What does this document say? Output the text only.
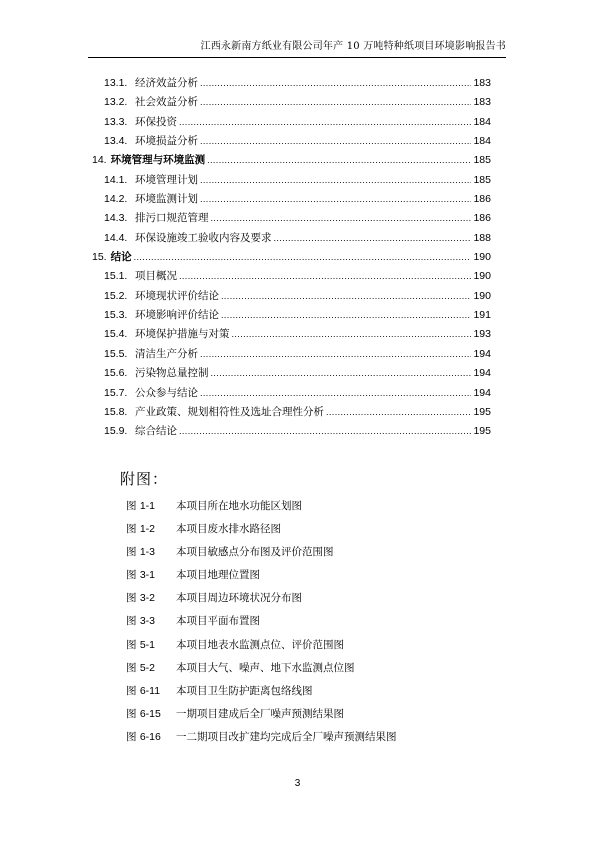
江西永新南方纸业有限公司年产 10 万吨特种纸项目环境影响报告书
13.1. 经济效益分析 .....	183
13.2. 社会效益分析 .....	183
13.3. 环保投资 .....	184
13.4. 环境损益分析 .....	184
14. 环境管理与环境监测 .....	185
14.1. 环境管理计划 .....	185
14.2. 环境监测计划 .....	186
14.3. 排污口规范管理 .....	186
14.4. 环保设施竣工验收内容及要求 .....	188
15. 结论 .....	190
15.1. 项目概况 .....	190
15.2. 环境现状评价结论 .....	190
15.3. 环境影响评价结论 .....	191
15.4. 环境保护措施与对策 .....	193
15.5. 清洁生产分析 .....	194
15.6. 污染物总量控制 .....	194
15.7. 公众参与结论 .....	194
15.8. 产业政策、规划相符性及选址合理性分析 .....	195
15.9. 综合结论 .....	195
附图：
图 1-1	本项目所在地水功能区划图
图 1-2	本项目废水排水路径图
图 1-3	本项目敏感点分布图及评价范围图
图 3-1	本项目地理位置图
图 3-2	本项目周边环境状况分布图
图 3-3	本项目平面布置图
图 5-1	本项目地表水监测点位、评价范围图
图 5-2	本项目大气、噪声、地下水监测点位图
图 6-11	本项目卫生防护距离包络线图
图 6-15	一期项目建成后全厂噪声预测结果图
图 6-16	一二期项目改扩建均完成后全厂噪声预测结果图
3
